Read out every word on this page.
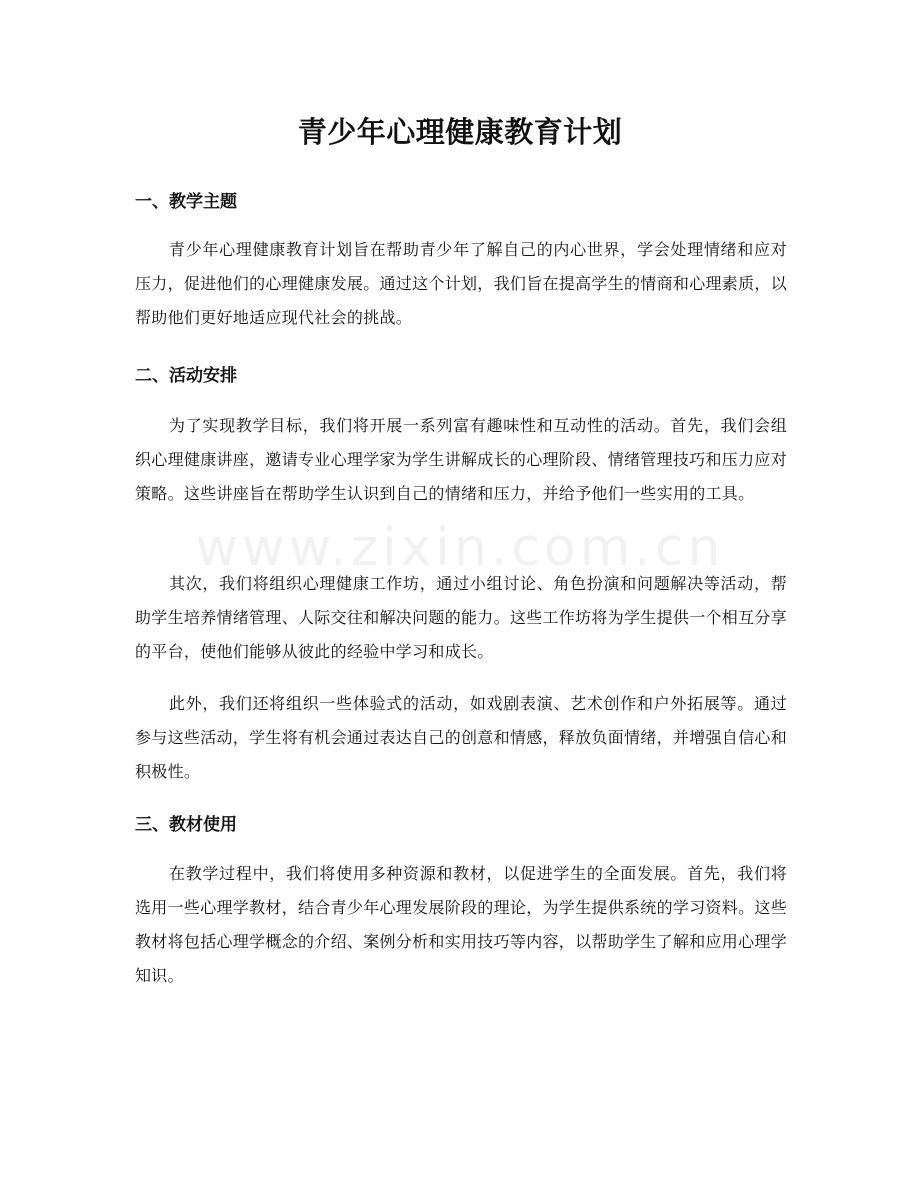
青少年心理健康教育计划
一、教学主题

青少年心理健康教育计划旨在帮助青少年了解自己的内心世界，学会处理情绪和应对压力，促进他们的心理健康发展。通过这个计划，我们旨在提高学生的情商和心理素质，以帮助他们更好地适应现代社会的挑战。

二、活动安排

为了实现教学目标，我们将开展一系列富有趣味性和互动性的活动。首先，我们会组织心理健康讲座，邀请专业心理学家为学生讲解成长的心理阶段、情绪管理技巧和压力应对策略。这些讲座旨在帮助学生认识到自己的情绪和压力，并给予他们一些实用的工具。

其次，我们将组织心理健康工作坊，通过小组讨论、角色扮演和问题解决等活动，帮助学生培养情绪管理、人际交往和解决问题的能力。这些工作坊将为学生提供一个相互分享的平台，使他们能够从彼此的经验中学习和成长。

此外，我们还将组织一些体验式的活动，如戏剧表演、艺术创作和户外拓展等。通过参与这些活动，学生将有机会通过表达自己的创意和情感，释放负面情绪，并增强自信心和积极性。

三、教材使用

在教学过程中，我们将使用多种资源和教材，以促进学生的全面发展。首先，我们将选用一些心理学教材，结合青少年心理发展阶段的理论，为学生提供系统的学习资料。这些教材将包括心理学概念的介绍、案例分析和实用技巧等内容，以帮助学生了解和应用心理学知识。

www.zixin.com.cn
